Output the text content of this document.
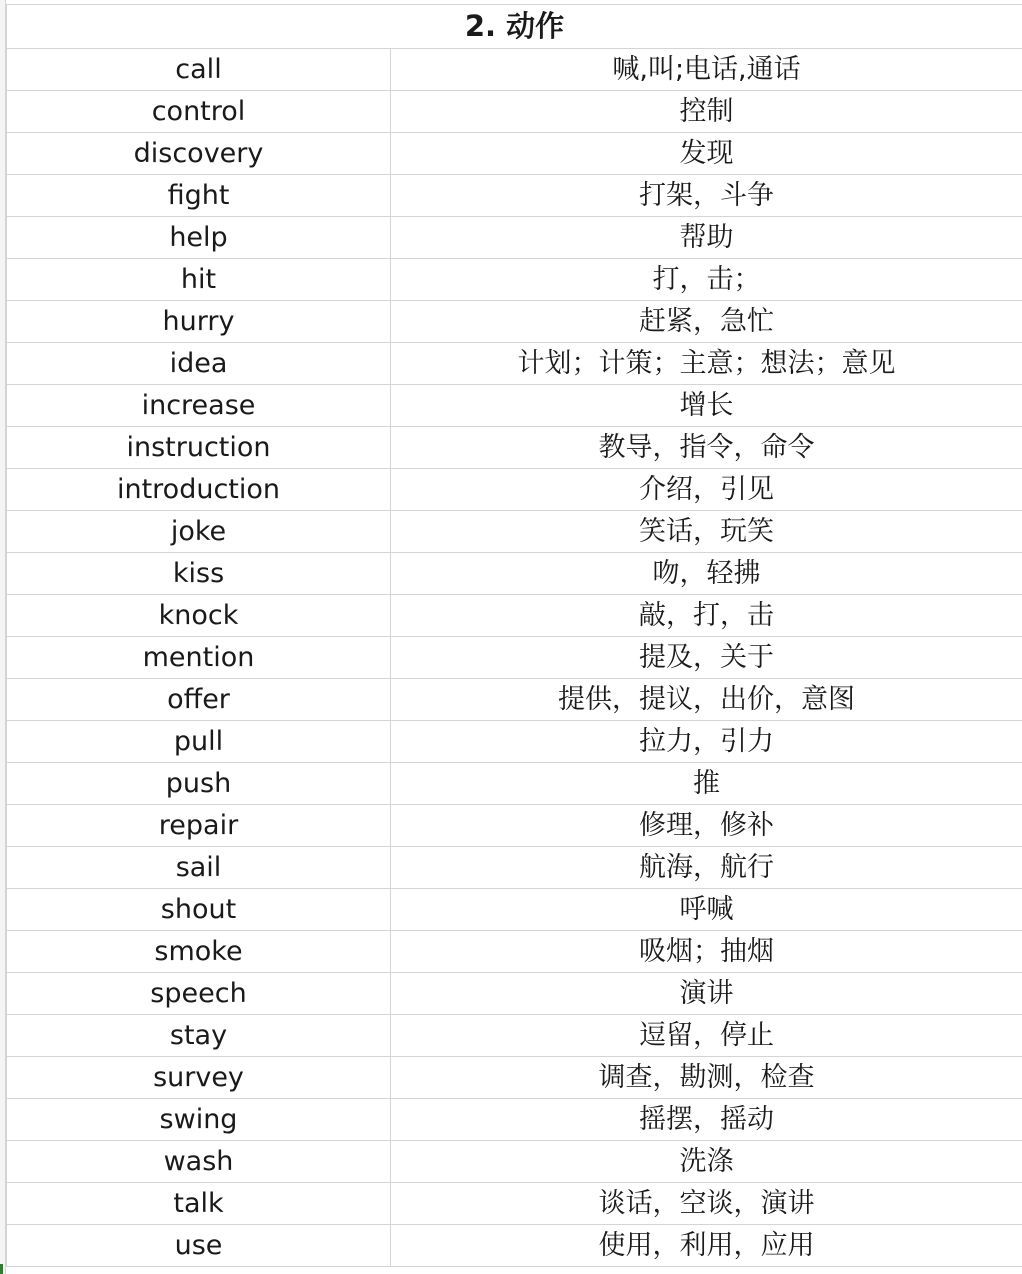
2. 动作	
call	喊,叫;电话,通话
control	控制
discovery	发现
fight	打架，斗争
help	帮助
hit	打，击；
hurry	赶紧，急忙
idea	计划；计策；主意；想法；意见
increase	增长
instruction	教导，指令，命令
introduction	介绍，引见
joke	笑话，玩笑
kiss	吻，轻拂
knock	敲，打，击
mention	提及，关于
offer	提供，提议，出价，意图
pull	拉力，引力
push	推
repair	修理，修补
sail	航海，航行
shout	呼喊
smoke	吸烟；抽烟
speech	演讲
stay	逗留，停止
survey	调查，勘测，检查
swing	摇摆，摇动
wash	洗涤
talk	谈话，空谈，演讲
use	使用，利用，应用
